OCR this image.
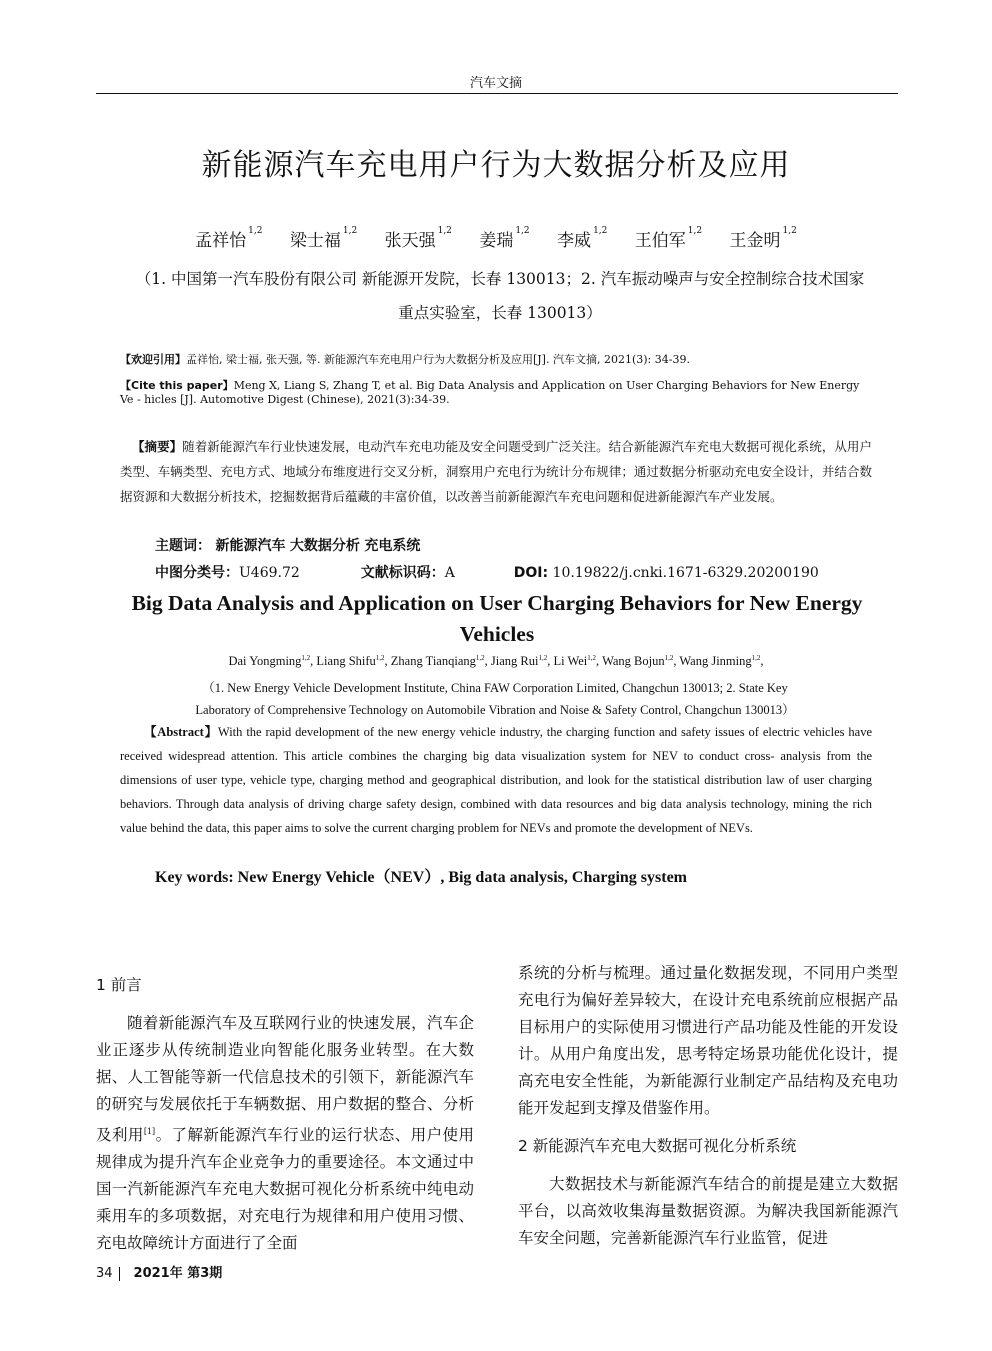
汽车文摘
新能源汽车充电用户行为大数据分析及应用
孟祥怡 $^{1,2}$ 梁士福 $^{1,2}$ 张天强 $^{1,2}$ 姜瑞 $^{1,2}$ 李威 $^{1,2}$ 王伯军 $^{1,2}$ 王金明 $^{1,2}$
（1. 中国第一汽车股份有限公司 新能源开发院，长春 130013；2. 汽车振动噪声与安全控制综合技术国家
重点实验室，长春 130013）
【欢迎引用】孟祥怡, 梁士福, 张天强, 等. 新能源汽车充电用户行为大数据分析及应用[J]. 汽车文摘, 2021(3): 34-39.
【Cite this paper】Meng X, Liang S, Zhang T, et al. Big Data Analysis and Application on User Charging Behaviors for New Energy Ve - hicles [J]. Automotive Digest (Chinese), 2021(3):34-39.
【摘要】随着新能源汽车行业快速发展，电动汽车充电功能及安全问题受到广泛关注。结合新能源汽车充电大数据可视化系统，从用户类型、车辆类型、充电方式、地域分布维度进行交叉分析，洞察用户充电行为统计分布规律；通过数据分析驱动充电安全设计，并结合数据资源和大数据分析技术，挖掘数据背后蕴藏的丰富价值，以改善当前新能源汽车充电问题和促进新能源汽车产业发展。
主题词： 新能源汽车 大数据分析 充电系统
中图分类号：U469.72	文献标识码：A	DOI: 10.19822/j.cnki.1671-6329.20200190
Big Data Analysis and Application on User Charging Behaviors for New Energy Vehicles
Dai Yongming$^{1,2}$, Liang Shifu$^{1,2}$, Zhang Tianqiang$^{1,2}$, Jiang Rui$^{1,2}$, Li Wei$^{1,2}$, Wang Bojun$^{1,2}$, Wang Jinming$^{1,2}$,
（1. New Energy Vehicle Development Institute, China FAW Corporation Limited, Changchun 130013; 2. State Key
Laboratory of Comprehensive Technology on Automobile Vibration and Noise & Safety Control, Changchun 130013）
【Abstract】With the rapid development of the new energy vehicle industry, the charging function and safety issues of electric vehicles have received widespread attention. This article combines the charging big data visualization system for NEV to conduct cross- analysis from the dimensions of user type, vehicle type, charging method and geographical distribution, and look for the statistical distribution law of user charging behaviors. Through data analysis of driving charge safety design, combined with data resources and big data analysis technology, mining the rich value behind the data, this paper aims to solve the current charging problem for NEVs and promote the development of NEVs.
Key words: New Energy Vehicle（NEV）, Big data analysis, Charging system

1 前言

随着新能源汽车及互联网行业的快速发展，汽车企业正逐步从传统制造业向智能化服务业转型。在大数据、人工智能等新一代信息技术的引领下，新能源汽车的研究与发展依托于车辆数据、用户数据的整合、分析及利用[1]。了解新能源汽车行业的运行状态、用户使用规律成为提升汽车企业竞争力的重要途径。本文通过中国一汽新能源汽车充电大数据可视化分析系统中纯电动乘用车的多项数据，对充电行为规律和用户使用习惯、充电故障统计方面进行了全面

系统的分析与梳理。通过量化数据发现，不同用户类型充电行为偏好差异较大，在设计充电系统前应根据产品目标用户的实际使用习惯进行产品功能及性能的开发设计。从用户角度出发，思考特定场景功能优化设计，提高充电安全性能，为新能源行业制定产品结构及充电功能开发起到支撑及借鉴作用。

2 新能源汽车充电大数据可视化分析系统

大数据技术与新能源汽车结合的前提是建立大数据平台，以高效收集海量数据资源。为解决我国新能源汽车安全问题，完善新能源汽车行业监管，促进

34 2021年 第3期
